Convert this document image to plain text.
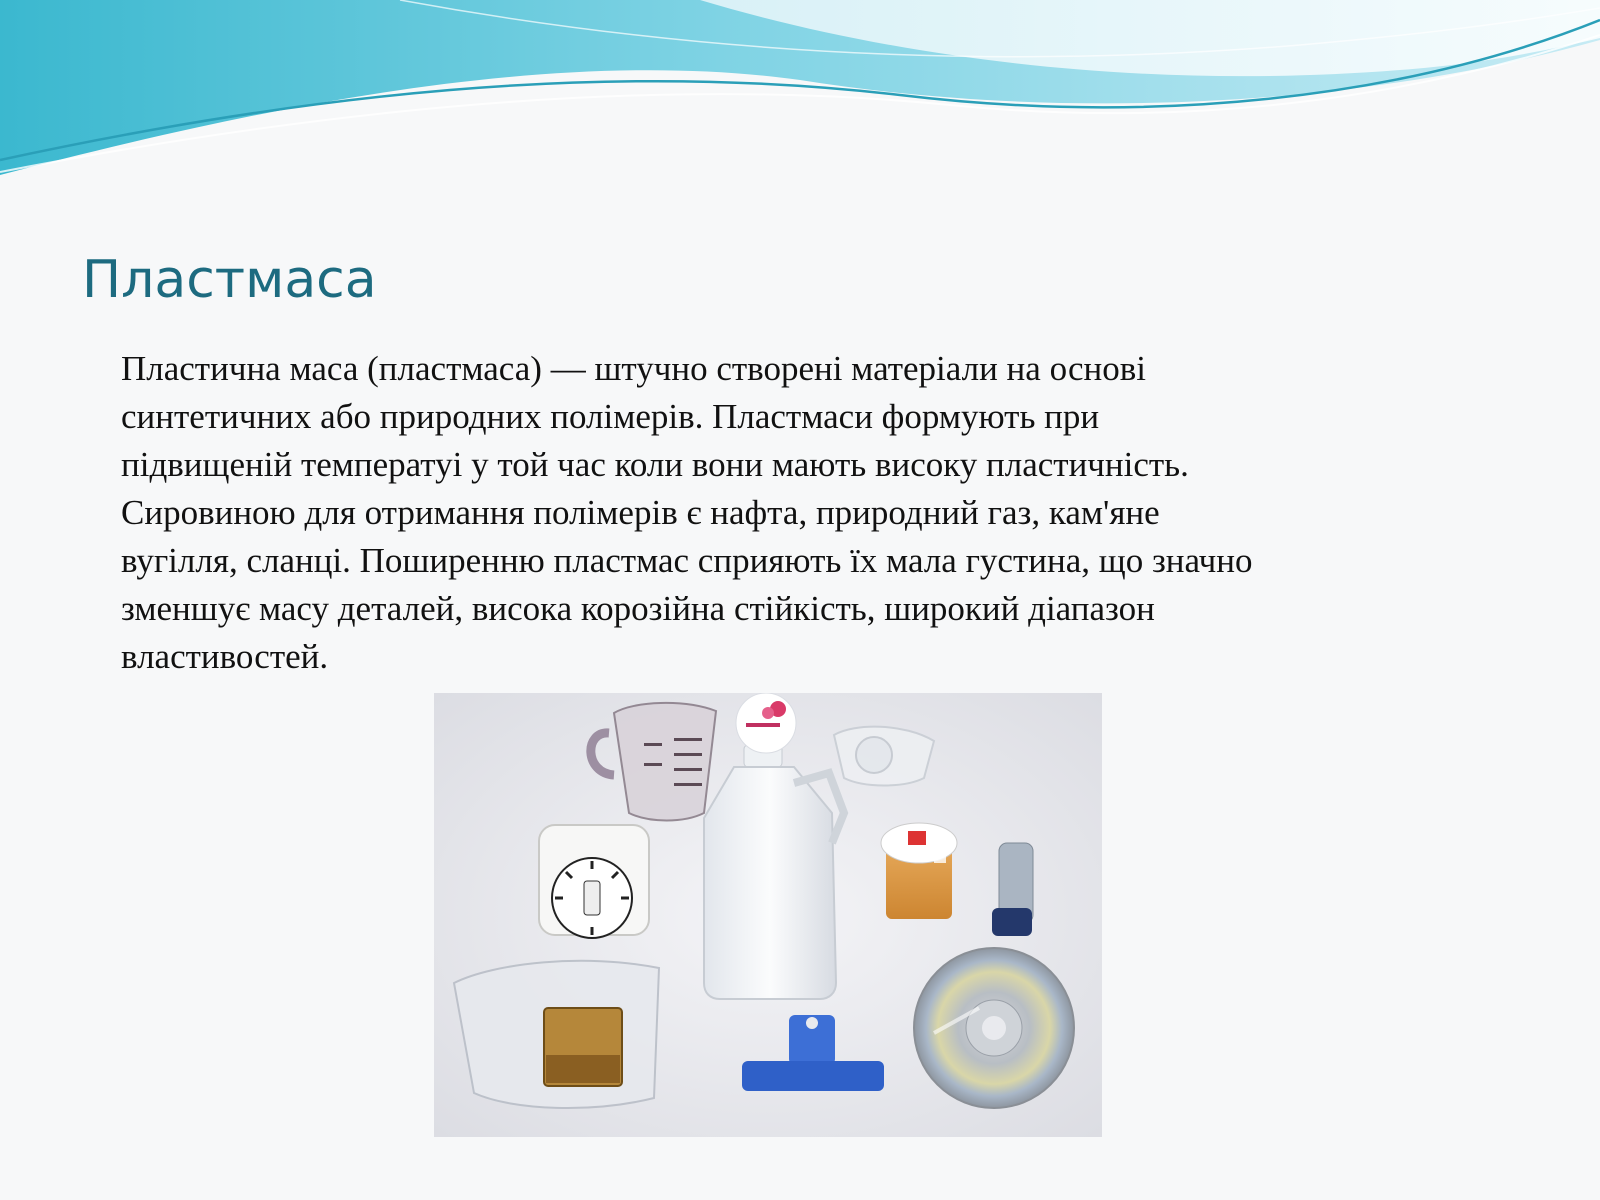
Пластмаса
Пластична маса (пластмаса) — штучно створені матеріали на основі
синтетичних або природних полімерів. Пластмаси формують при
підвищеній температуі у той час коли вони мають високу пластичність.
Сировиною для отримання полімерів є нафта, природний газ, кам'яне
вугілля, сланці. Поширенню пластмас сприяють їх мала густина, що значно
зменшує масу деталей, висока корозійна стійкість, широкий діапазон
властивостей.
